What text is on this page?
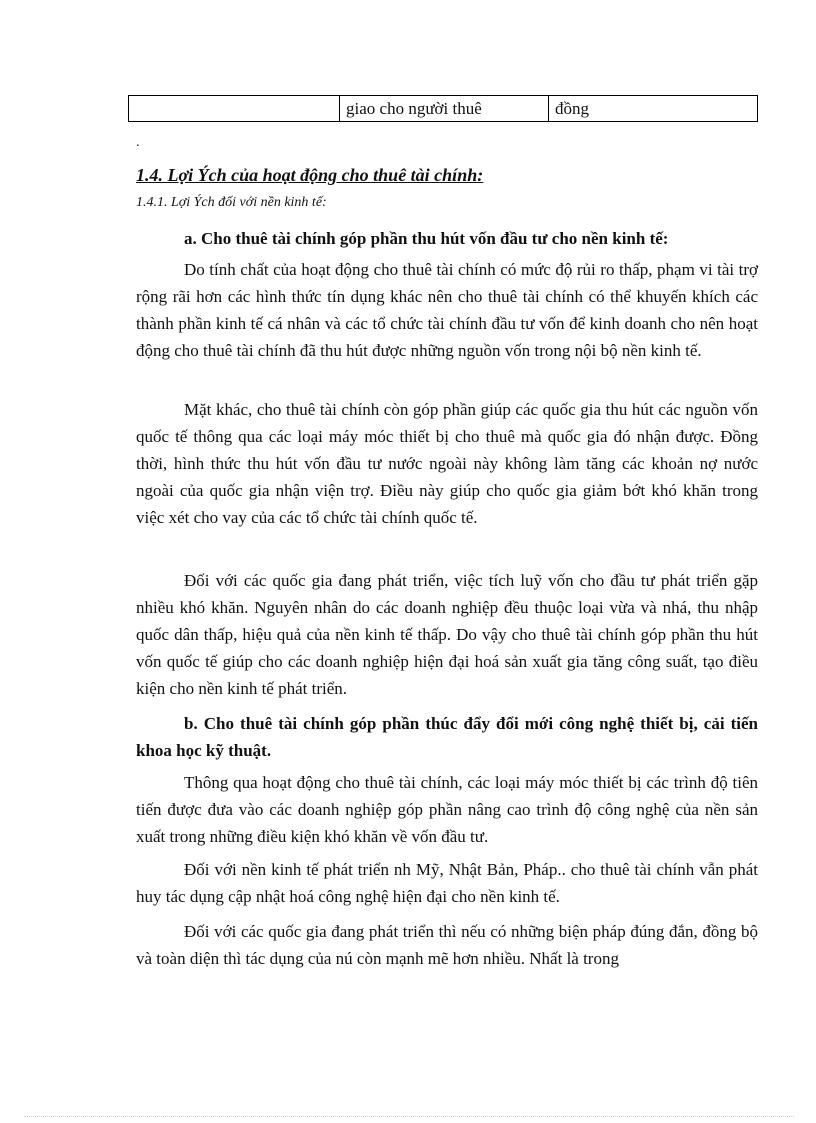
	giao cho người thuê	đồng
.

1.4. Lợi Ých của hoạt động cho thuê tài chính:

1.4.1. Lợi Ých đối với nền kinh tế:

a. Cho thuê tài chính góp phần thu hút vốn đầu tư cho nền kinh tế:

Do tính chất của hoạt động cho thuê tài chính có mức độ rủi ro thấp, phạm vi tài trợ rộng rãi hơn các hình thức tín dụng khác nên cho thuê tài chính có thể khuyến khích các thành phần kinh tế cá nhân và các tổ chức tài chính đầu tư vốn để kinh doanh cho nên hoạt động cho thuê tài chính đã thu hút được những nguồn vốn trong nội bộ nền kinh tế.

Mặt khác, cho thuê tài chính còn góp phần giúp các quốc gia thu hút các nguồn vốn quốc tế thông qua các loại máy móc thiết bị cho thuê mà quốc gia đó nhận được. Đồng thời, hình thức thu hút vốn đầu tư nước ngoài này không làm tăng các khoản nợ nước ngoài của quốc gia nhận viện trợ. Điều này giúp cho quốc gia giảm bớt khó khăn trong việc xét cho vay của các tổ chức tài chính quốc tế.

Đối với các quốc gia đang phát triển, việc tích luỹ vốn cho đầu tư phát triển gặp nhiều khó khăn. Nguyên nhân do các doanh nghiệp đều thuộc loại vừa và nhá, thu nhập quốc dân thấp, hiệu quả của nền kinh tế thấp. Do vậy cho thuê tài chính góp phần thu hút vốn quốc tế giúp cho các doanh nghiệp hiện đại hoá sản xuất gia tăng công suất, tạo điều kiện cho nền kinh tế phát triển.

b. Cho thuê tài chính góp phần thúc đẩy đổi mới công nghệ thiết bị, cải tiến khoa học kỹ thuật.

Thông qua hoạt động cho thuê tài chính, các loại máy móc thiết bị các trình độ tiên tiến được đưa vào các doanh nghiệp góp phần nâng cao trình độ công nghệ của nền sản xuất trong những điều kiện khó khăn về vốn đầu tư.

Đối với nền kinh tế phát triển nh Mỹ, Nhật Bản, Pháp.. cho thuê tài chính vẫn phát huy tác dụng cập nhật hoá công nghệ hiện đại cho nền kinh tế.

Đối với các quốc gia đang phát triển thì nếu có những biện pháp đúng đắn, đồng bộ và toàn diện thì tác dụng của nú còn mạnh mẽ hơn nhiều. Nhất là trong
